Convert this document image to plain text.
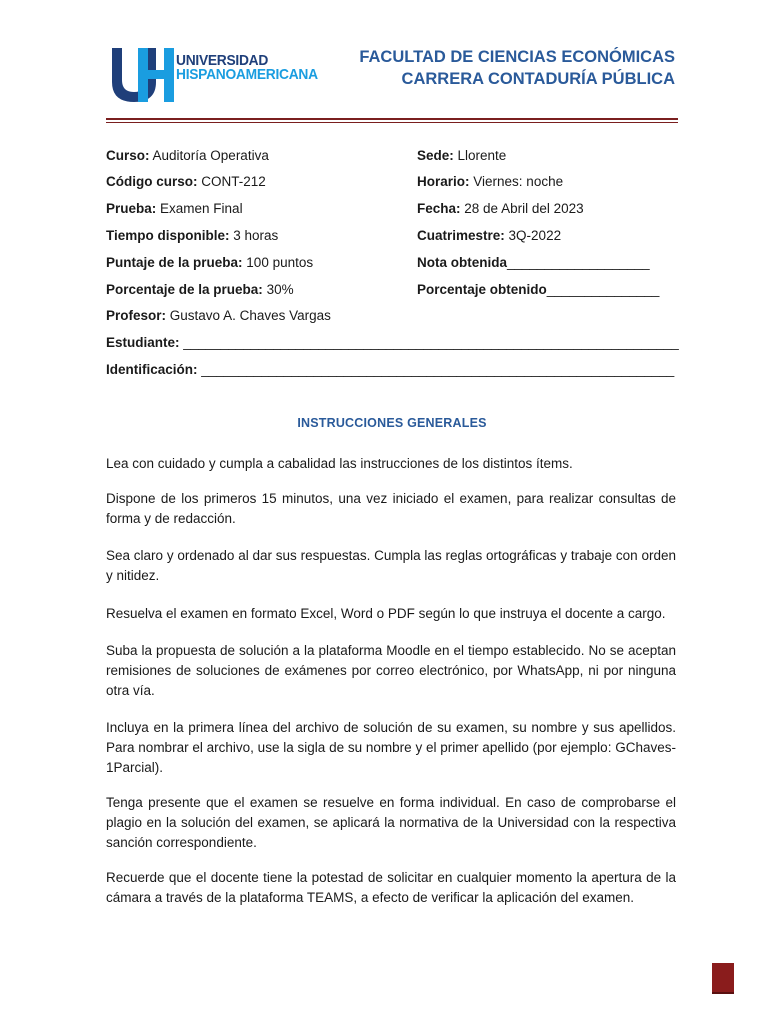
UNIVERSIDAD
HISPANOAMERICANA
FACULTAD DE CIENCIAS ECONÓMICAS
CARRERA CONTADURÍA PÚBLICA
Curso: Auditoría Operativa
Código curso: CONT-212
Prueba: Examen Final
Tiempo disponible: 3 horas
Puntaje de la prueba: 100 puntos
Porcentaje de la prueba: 30%
Profesor: Gustavo A. Chaves Vargas
Sede: Llorente
Horario: Viernes: noche
Fecha: 28 de Abril del 2023
Cuatrimestre: 3Q-2022
Nota obtenida___________________
Porcentaje obtenido_______________
Estudiante: __________________________________________________________________
Identificación: _______________________________________________________________
INSTRUCCIONES GENERALES
Lea con cuidado y cumpla a cabalidad las instrucciones de los distintos ítems.
Dispone de los primeros 15 minutos, una vez iniciado el examen, para realizar consultas de forma y de redacción.
Sea claro y ordenado al dar sus respuestas. Cumpla las reglas ortográficas y trabaje con orden y nitidez.
Resuelva el examen en formato Excel, Word o PDF según lo que instruya el docente a cargo.
Suba la propuesta de solución a la plataforma Moodle en el tiempo establecido. No se aceptan remisiones de soluciones de exámenes por correo electrónico, por WhatsApp, ni por ninguna otra vía.
Incluya en la primera línea del archivo de solución de su examen, su nombre y sus apellidos. Para nombrar el archivo, use la sigla de su nombre y el primer apellido (por ejemplo: GChaves-1Parcial).
Tenga presente que el examen se resuelve en forma individual. En caso de comprobarse el plagio en la solución del examen, se aplicará la normativa de la Universidad con la respectiva sanción correspondiente.
Recuerde que el docente tiene la potestad de solicitar en cualquier momento la apertura de la cámara a través de la plataforma TEAMS, a efecto de verificar la aplicación del examen.
